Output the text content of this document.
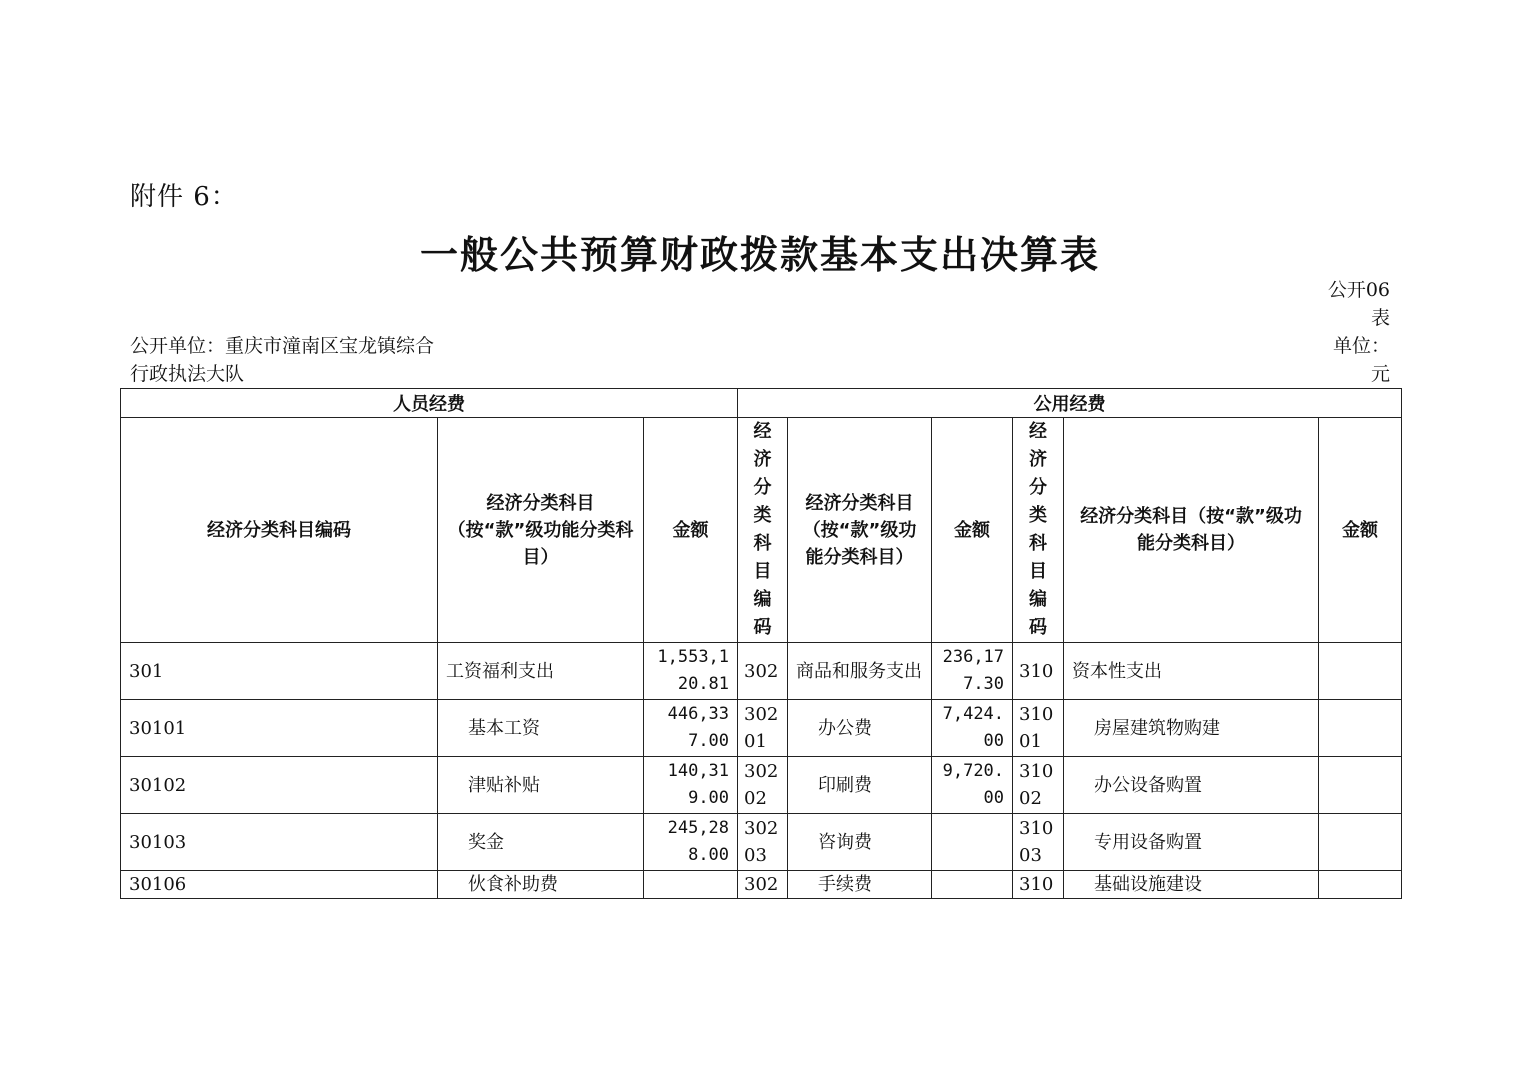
附件 6：
一般公共预算财政拨款基本支出决算表
公开06表
单位：元
公开单位：重庆市潼南区宝龙镇综合行政执法大队
人员经费			公用经费					
经济分类科目编码	经济分类科目（按“款”级功能分类科目）	金额	经济分类科目编码	经济分类科目（按“款”级功能分类科目）	金额	经济分类科目编码	经济分类科目（按“款”级功能分类科目）	金额
301	工资福利支出	1,553,120.81	302	商品和服务支出	236,177.30	310	资本性支出	
30101	基本工资	446,337.00	30201	办公费	7,424.00	31001	房屋建筑物购建	
30102	津贴补贴	140,319.00	30202	印刷费	9,720.00	31002	办公设备购置	
30103	奖金	245,288.00	30203	咨询费		31003	专用设备购置	
30106	伙食补助费		302	手续费		310	基础设施建设	
